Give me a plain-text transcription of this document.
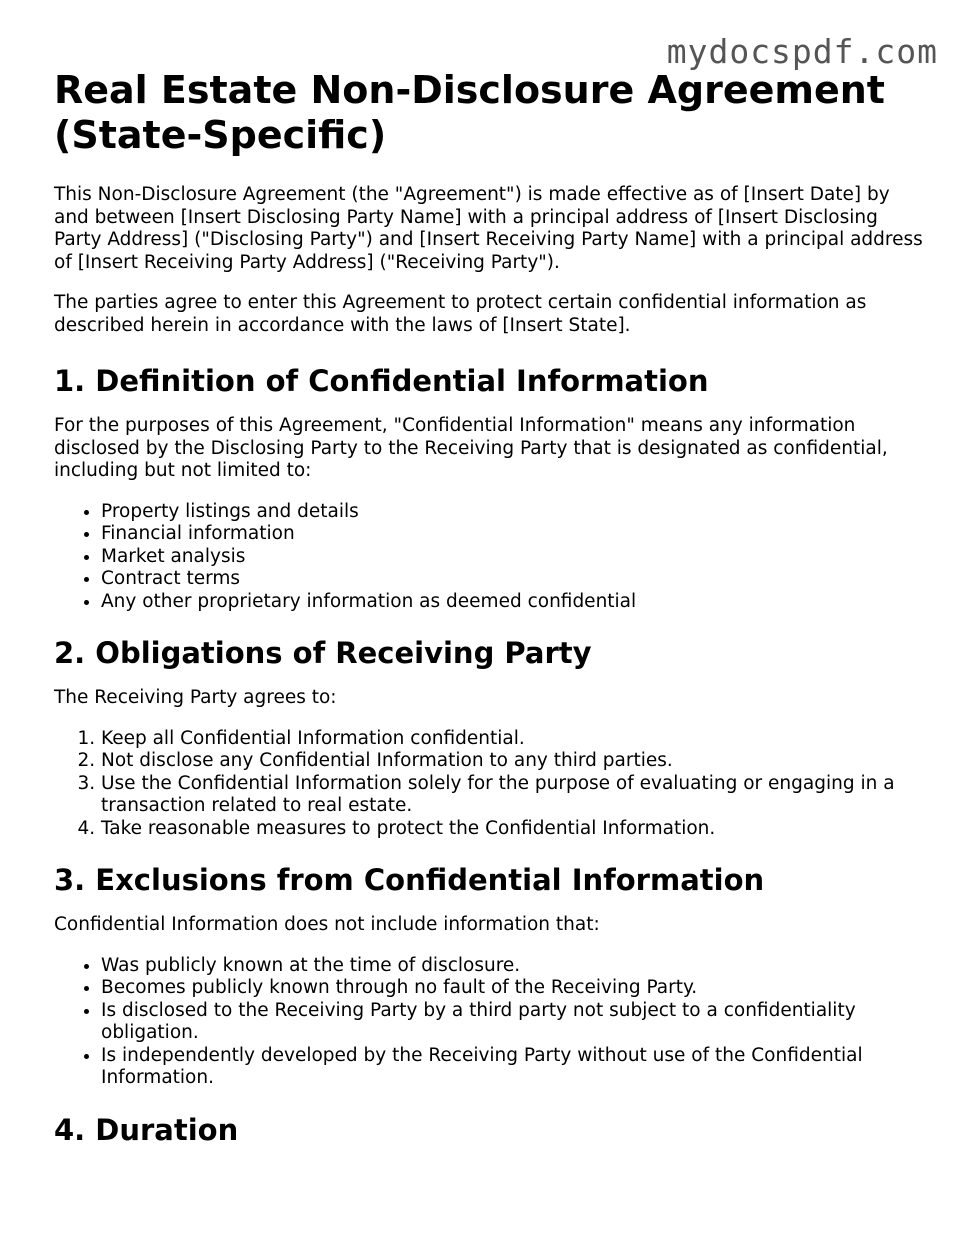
mydocspdf.com
Real Estate Non-Disclosure Agreement (State-Specific)

This Non-Disclosure Agreement (the "Agreement") is made effective as of [Insert Date] by and between [Insert Disclosing Party Name] with a principal address of [Insert Disclosing Party Address] ("Disclosing Party") and [Insert Receiving Party Name] with a principal address of [Insert Receiving Party Address] ("Receiving Party").

The parties agree to enter this Agreement to protect certain confidential information as described herein in accordance with the laws of [Insert State].

1. Definition of Confidential Information

For the purposes of this Agreement, "Confidential Information" means any information disclosed by the Disclosing Party to the Receiving Party that is designated as confidential, including but not limited to:

• Property listings and details
• Financial information
• Market analysis
• Contract terms
• Any other proprietary information as deemed confidential
2. Obligations of Receiving Party

The Receiving Party agrees to:

1. Keep all Confidential Information confidential.
2. Not disclose any Confidential Information to any third parties.
3. Use the Confidential Information solely for the purpose of evaluating or engaging in a transaction related to real estate.
4. Take reasonable measures to protect the Confidential Information.
3. Exclusions from Confidential Information

Confidential Information does not include information that:

• Was publicly known at the time of disclosure.
• Becomes publicly known through no fault of the Receiving Party.
• Is disclosed to the Receiving Party by a third party not subject to a confidentiality obligation.
• Is independently developed by the Receiving Party without use of the Confidential Information.
4. Duration
